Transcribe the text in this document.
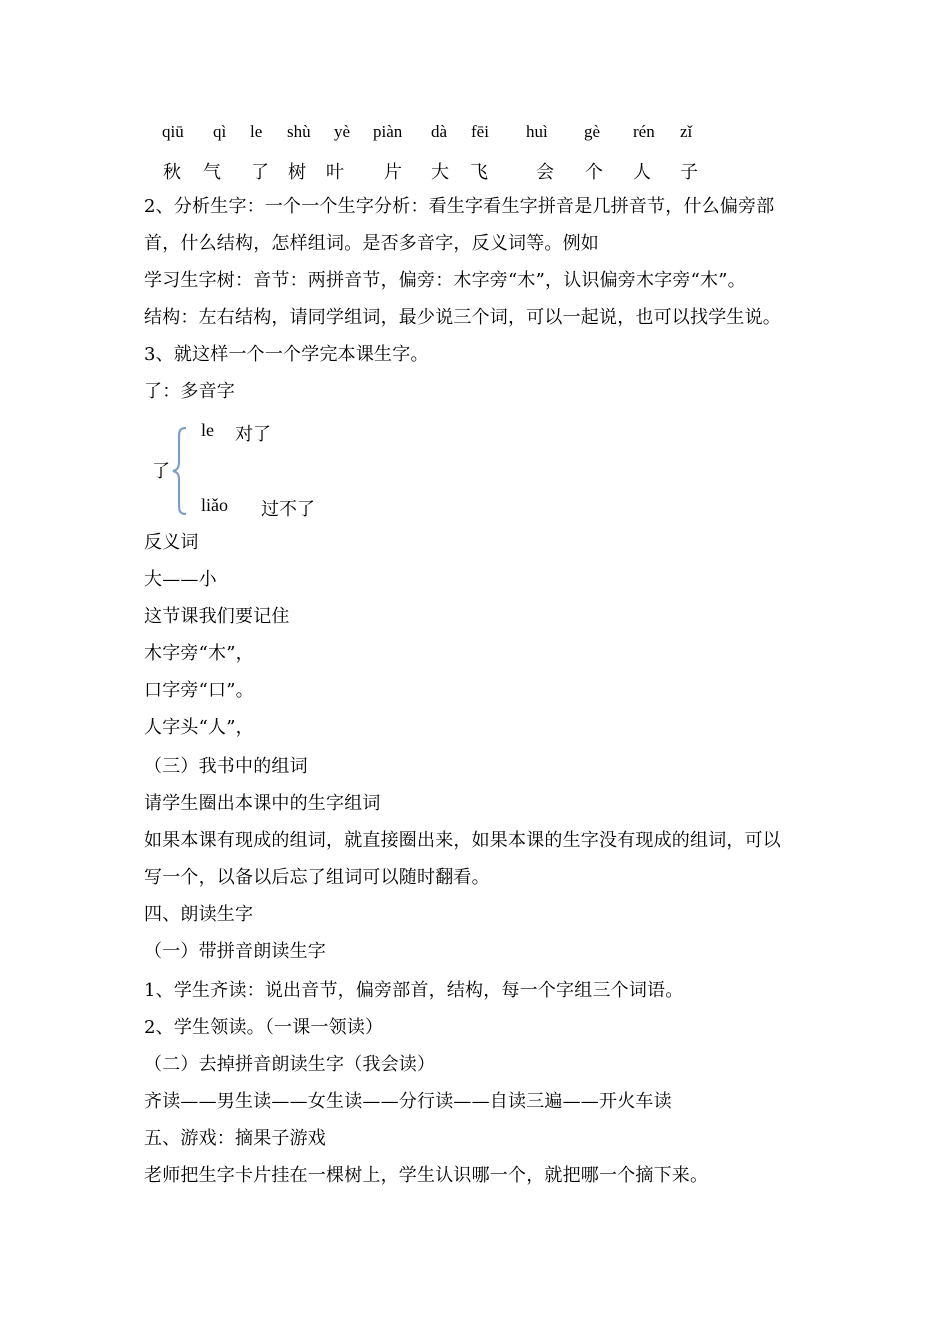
qiū qì le shù yè piàn dà fēi huì gè rén zǐ
秋 气 了 树 叶 片 大 飞	会 个 人 子
2、分析生字：一个一个生字分析：看生字看生字拼音是几拼音节，什么偏旁部
首，什么结构，怎样组词。是否多音字，反义词等。例如
学习生字树：音节：两拼音节，偏旁：木字旁“木”，认识偏旁木字旁“木”。
结构：左右结构，请同学组词，最少说三个词，可以一起说，也可以找学生说。
3、就这样一个一个学完本课生字。
了：多音字
了
le 对了
liǎo 过不了
反义词
大——小
这节课我们要记住
木字旁“木”，
口字旁“口”。
人字头“人”，
（三）我书中的组词
请学生圈出本课中的生字组词
如果本课有现成的组词，就直接圈出来，如果本课的生字没有现成的组词，可以
写一个，以备以后忘了组词可以随时翻看。
四、朗读生字
（一）带拼音朗读生字
1、学生齐读：说出音节，偏旁部首，结构，每一个字组三个词语。
2、学生领读。（一课一领读）
（二）去掉拼音朗读生字（我会读）
齐读——男生读——女生读——分行读——自读三遍——开火车读
五、游戏：摘果子游戏
老师把生字卡片挂在一棵树上，学生认识哪一个，就把哪一个摘下来。
